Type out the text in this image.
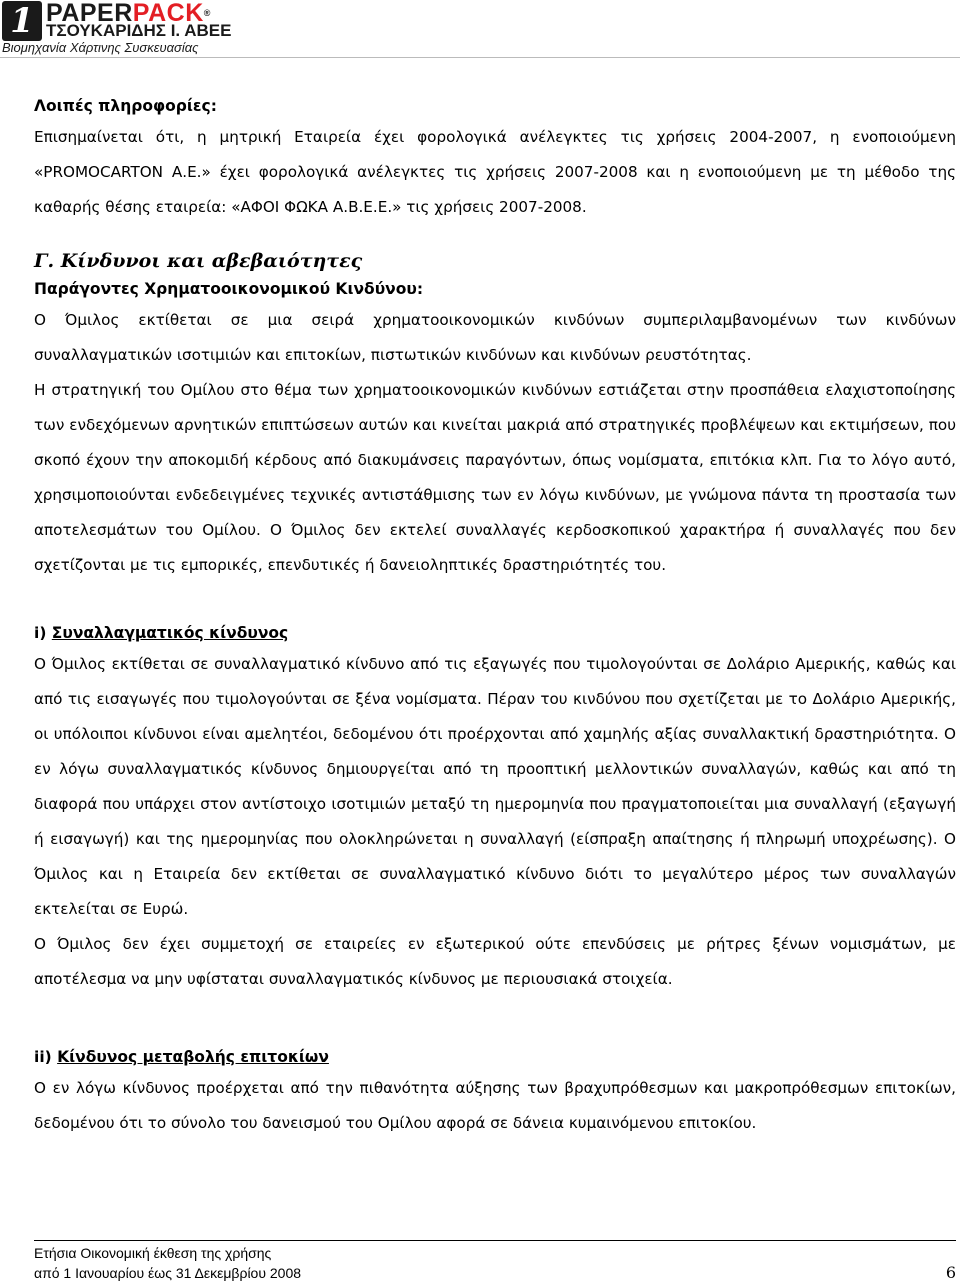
1 PAPERPACK®
ΤΣΟΥΚΑΡΙΔΗΣ Ι. ΑΒΕΕ
Βιομηχανία Χάρτινης Συσκευασίας
Λοιπές πληροφορίες:

Επισημαίνεται ότι, η μητρική Εταιρεία έχει φορολογικά ανέλεγκτες τις χρήσεις 2004-2007, η ενοποιούμενη «PROMOCARTON Α.Ε.» έχει φορολογικά ανέλεγκτες τις χρήσεις 2007-2008 και η ενοποιούμενη με τη μέθοδο της καθαρής θέσης εταιρεία: «ΑΦΟΙ ΦΩΚΑ Α.Β.Ε.Ε.» τις χρήσεις 2007-2008.

Γ. Κίνδυνοι και αβεβαιότητες
Παράγοντες Χρηματοοικονομικού Κινδύνου:

Ο Όμιλος εκτίθεται σε μια σειρά χρηματοοικονομικών κινδύνων συμπεριλαμβανομένων των κινδύνων συναλλαγματικών ισοτιμιών και επιτοκίων, πιστωτικών κινδύνων και κινδύνων ρευστότητας.

Η στρατηγική του Ομίλου στο θέμα των χρηματοοικονομικών κινδύνων εστιάζεται στην προσπάθεια ελαχιστοποίησης των ενδεχόμενων αρνητικών επιπτώσεων αυτών και κινείται μακριά από στρατηγικές προβλέψεων και εκτιμήσεων, που σκοπό έχουν την αποκομιδή κέρδους από διακυμάνσεις παραγόντων, όπως νομίσματα, επιτόκια κλπ. Για το λόγο αυτό, χρησιμοποιούνται ενδεδειγμένες τεχνικές αντιστάθμισης των εν λόγω κινδύνων, με γνώμονα πάντα τη προστασία των αποτελεσμάτων του Ομίλου. Ο Όμιλος δεν εκτελεί συναλλαγές κερδοσκοπικού χαρακτήρα ή συναλλαγές που δεν σχετίζονται με τις εμπορικές, επενδυτικές ή δανειοληπτικές δραστηριότητές του.

i) Συναλλαγματικός κίνδυνος

Ο Όμιλος εκτίθεται σε συναλλαγματικό κίνδυνο από τις εξαγωγές που τιμολογούνται σε Δολάριο Αμερικής, καθώς και από τις εισαγωγές που τιμολογούνται σε ξένα νομίσματα. Πέραν του κινδύνου που σχετίζεται με το Δολάριο Αμερικής, οι υπόλοιποι κίνδυνοι είναι αμελητέοι, δεδομένου ότι προέρχονται από χαμηλής αξίας συναλλακτική δραστηριότητα. Ο εν λόγω συναλλαγματικός κίνδυνος δημιουργείται από τη προοπτική μελλοντικών συναλλαγών, καθώς και από τη διαφορά που υπάρχει στον αντίστοιχο ισοτιμιών μεταξύ τη ημερομηνία που πραγματοποιείται μια συναλλαγή (εξαγωγή ή εισαγωγή) και της ημερομηνίας που ολοκληρώνεται η συναλλαγή (είσπραξη απαίτησης ή πληρωμή υποχρέωσης). Ο Όμιλος και η Εταιρεία δεν εκτίθεται σε συναλλαγματικό κίνδυνο διότι το μεγαλύτερο μέρος των συναλλαγών εκτελείται σε Ευρώ.

Ο Όμιλος δεν έχει συμμετοχή σε εταιρείες εν εξωτερικού ούτε επενδύσεις με ρήτρες ξένων νομισμάτων, με αποτέλεσμα να μην υφίσταται συναλλαγματικός κίνδυνος με περιουσιακά στοιχεία.

ii) Κίνδυνος μεταβολής επιτοκίων

Ο εν λόγω κίνδυνος προέρχεται από την πιθανότητα αύξησης των βραχυπρόθεσμων και μακροπρόθεσμων επιτοκίων, δεδομένου ότι το σύνολο του δανεισμού του Ομίλου αφορά σε δάνεια κυμαινόμενου επιτοκίου.

Ετήσια Οικονομική έκθεση της χρήσης
από 1 Ιανουαρίου έως 31 Δεκεμβρίου 2008	6
